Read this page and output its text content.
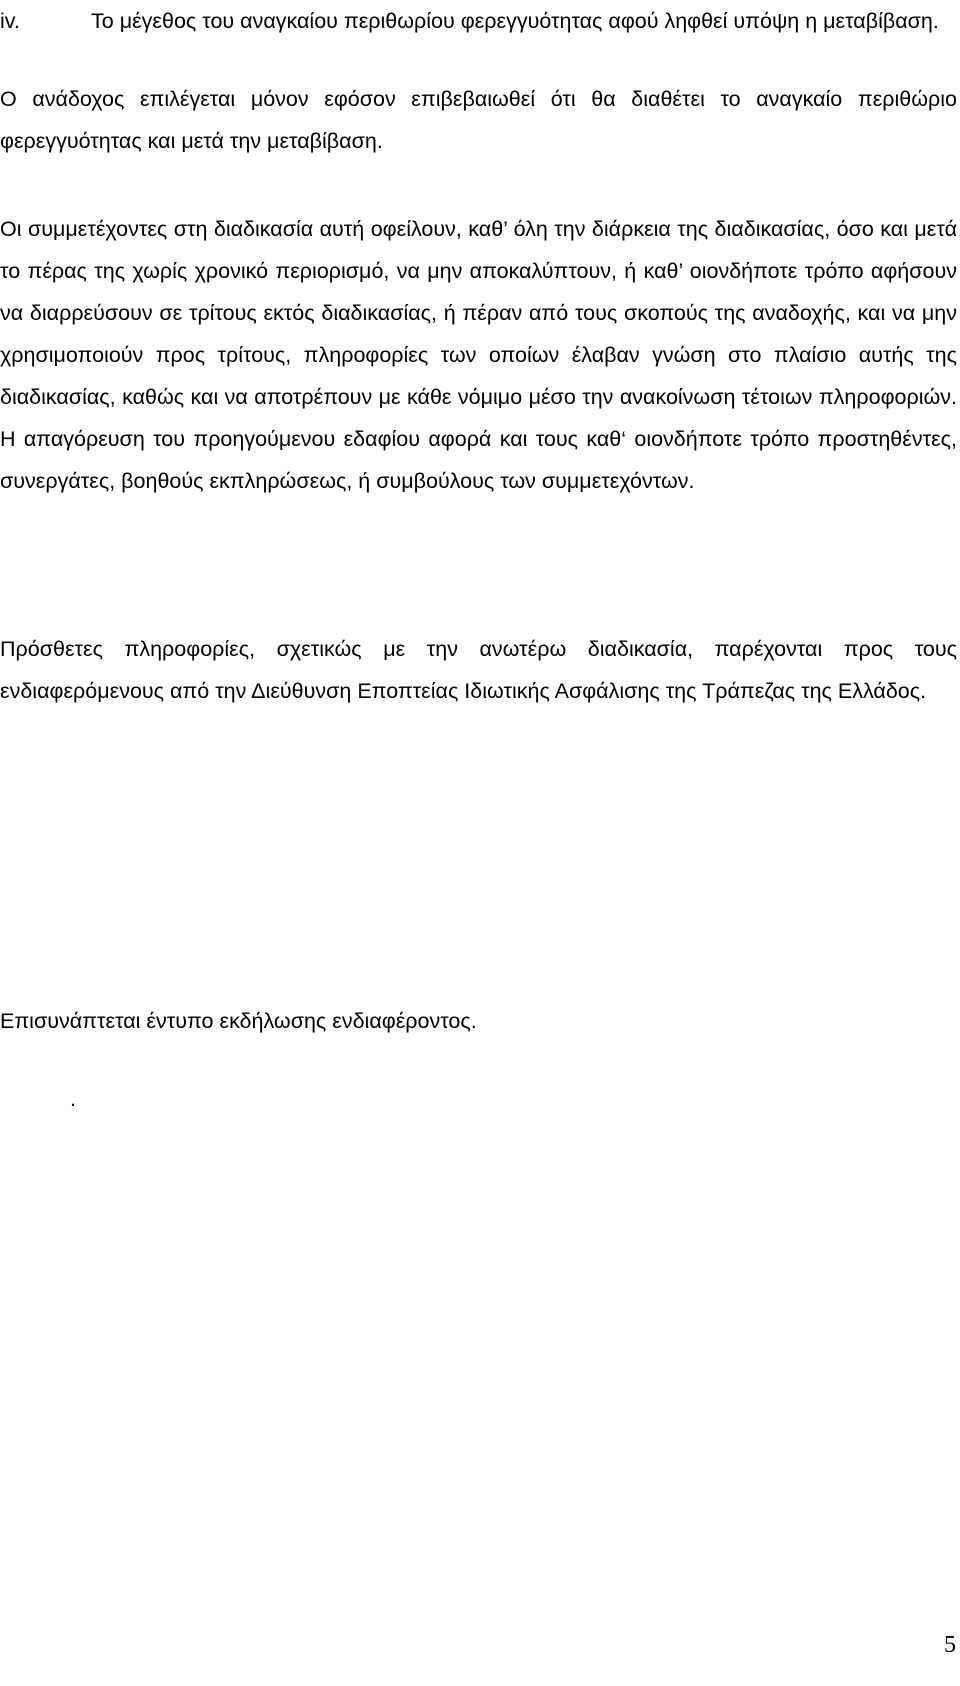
iv.	Το μέγεθος του αναγκαίου περιθωρίου φερεγγυότητας αφού ληφθεί υπόψη η μεταβίβαση.

Ο ανάδοχος επιλέγεται μόνον εφόσον επιβεβαιωθεί ότι θα διαθέτει το αναγκαίο περιθώριο φερεγγυότητας και μετά την μεταβίβαση.

Οι συμμετέχοντες στη διαδικασία αυτή οφείλουν, καθ’ όλη την διάρκεια της διαδικασίας, όσο και μετά το πέρας της χωρίς χρονικό περιορισμό, να μην αποκαλύπτουν, ή καθ’ οιονδήποτε τρόπο αφήσουν να διαρρεύσουν σε τρίτους εκτός διαδικασίας, ή πέραν από τους σκοπούς της αναδοχής, και να μην χρησιμοποιούν προς τρίτους, πληροφορίες των οποίων έλαβαν γνώση στο πλαίσιο αυτής της διαδικασίας, καθώς και να αποτρέπουν με κάθε νόμιμο μέσο την ανακοίνωση τέτοιων πληροφοριών. Η απαγόρευση του προηγούμενου εδαφίου αφορά και τους καθ‘ οιονδήποτε τρόπο προστηθέντες, συνεργάτες, βοηθούς εκπληρώσεως, ή συμβούλους των συμμετεχόντων.

Πρόσθετες πληροφορίες, σχετικώς με την ανωτέρω διαδικασία, παρέχονται προς τους ενδιαφερόμενους από την Διεύθυνση Εποπτείας Ιδιωτικής Ασφάλισης της Τράπεζας της Ελλάδος.

Επισυνάπτεται έντυπο εκδήλωσης ενδιαφέροντος.

.
5
